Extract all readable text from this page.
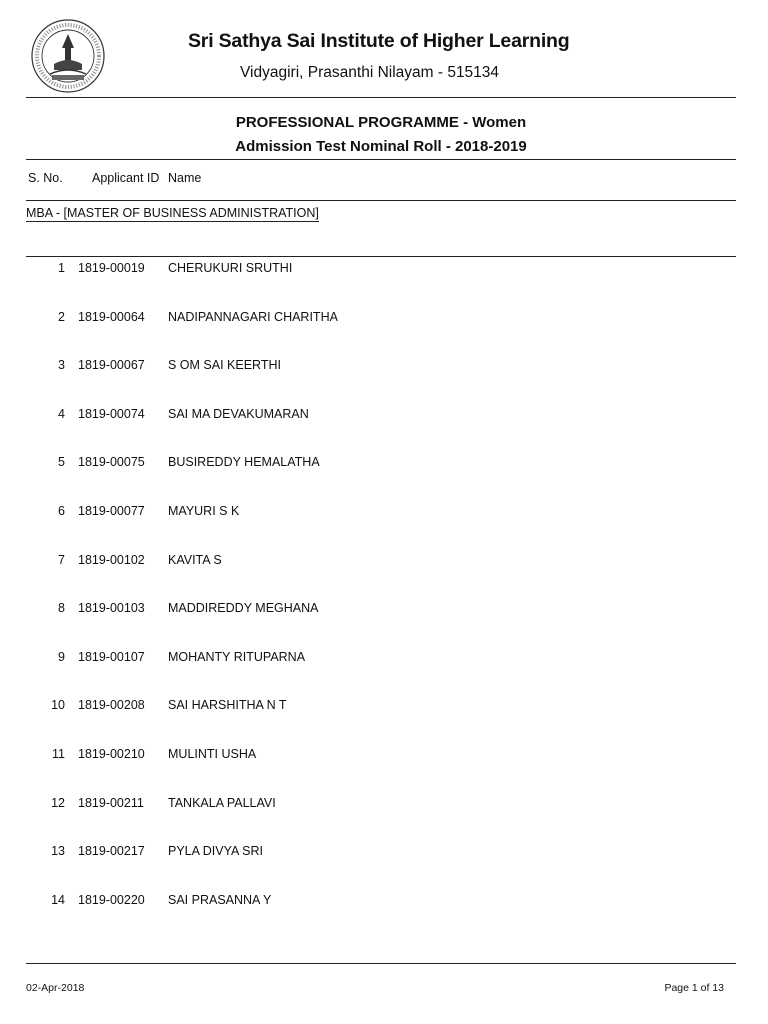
Sri Sathya Sai Institute of Higher Learning
Vidyagiri, Prasanthi Nilayam - 515134
PROFESSIONAL PROGRAMME - Women
Admission Test Nominal Roll - 2018-2019
S. No. Applicant ID Name
MBA - [MASTER OF BUSINESS ADMINISTRATION]
1 1819-00019 CHERUKURI SRUTHI
2 1819-00064 NADIPANNAGARI CHARITHA
3 1819-00067 S OM SAI KEERTHI
4 1819-00074 SAI MA DEVAKUMARAN
5 1819-00075 BUSIREDDY HEMALATHA
6 1819-00077 MAYURI S K
7 1819-00102 KAVITA S
8 1819-00103 MADDIREDDY MEGHANA
9 1819-00107 MOHANTY RITUPARNA
10 1819-00208 SAI HARSHITHA N T
11 1819-00210 MULINTI USHA
12 1819-00211 TANKALA PALLAVI
13 1819-00217 PYLA DIVYA SRI
14 1819-00220 SAI PRASANNA Y
02-Apr-2018	Page 1 of 13
